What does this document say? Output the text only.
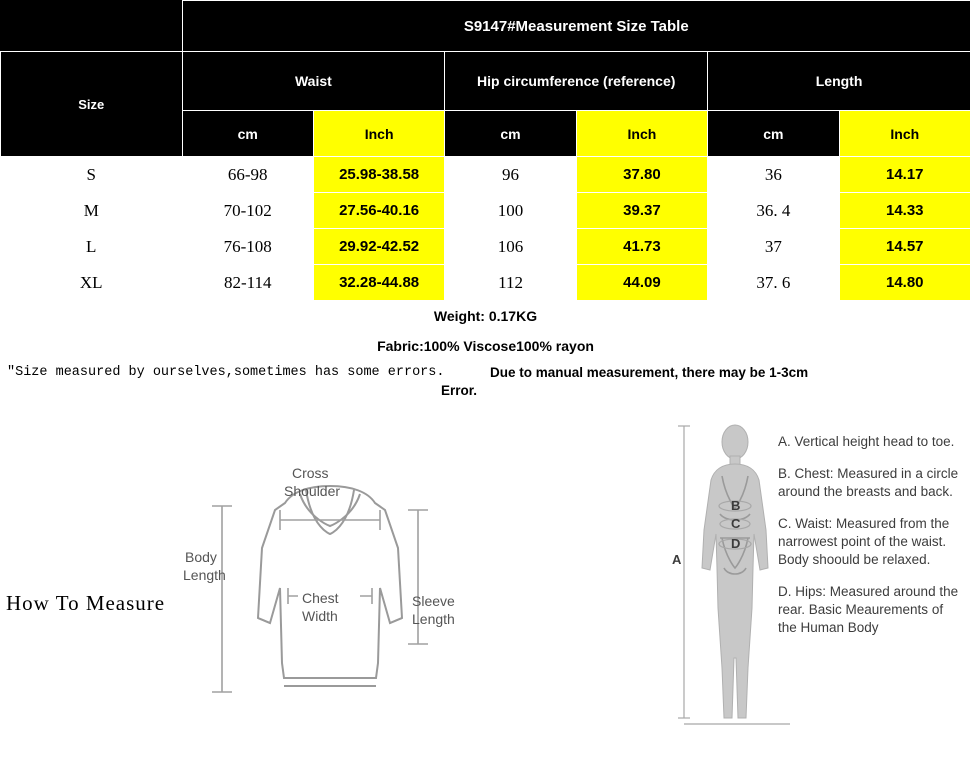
	S9147#Measurement Size Table					
Size	Waist		Hip circumference (reference)		Length	
	cm	Inch	cm	Inch	cm	Inch
S	66-98	25.98-38.58	96	37.80	36	14.17
M	70-102	27.56-40.16	100	39.37	36. 4	14.33
L	76-108	29.92-42.52	106	41.73	37	14.57
XL	82-114	32.28-44.88	112	44.09	37. 6	14.80
Weight: 0.17KG						
Fabric:100% Viscose100% rayon						

"Size measured by ourselves,sometimes has some errors. Due to manual measurement, there may be 1-3cm
Error.						
How To Measure
Cross
Shoulder
Body
Length
Chest
Width
Sleeve
Length
A
B
C
D

A. Vertical height head to toe.

B. Chest: Measured in a circle around the breasts and back.

C. Waist: Measured from the narrowest point of the waist. Body shoould be relaxed.

D. Hips: Measured around the rear. Basic Meaurements of the Human Body
